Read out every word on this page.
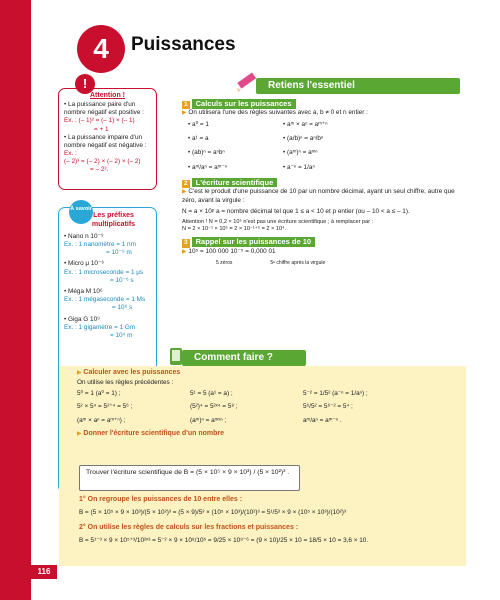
Nombres et calculs
116
4	Puissances
Attention !
• La puissance paire d'un nombre négatif est positive :
Ex. : (– 1)² = (– 1) × (– 1)
= + 1
• La puissance impaire d'un nombre négatif est négative :
Ex. :
(– 2)³ = (– 2) × (– 2) × (– 2)
= – 2³.
!
Les préfixes multiplicatifs
• Nano n 10⁻⁹
Ex. : 1 nanomètre = 1 nm
= 10⁻⁹ m
• Micro μ 10⁻⁶
Ex. : 1 microseconde = 1 μs
= 10⁻⁶ s
• Méga M 10⁶
Ex. : 1 mégaseconde = 1 Ms
= 10⁶ s
• Giga G 10⁹
Ex. : 1 gigamètre = 1 Gm
= 10⁹ m
À savoir
Retiens l'essentiel
1 Calculs sur les puissances
▶ On utilisera l'une des règles suivantes avec a, b ≠ 0 et n entier :
• a⁰ = 1	• aᵐ × aⁿ = aᵐ⁺ⁿ
• a¹ = a	• (a/b)ⁿ = aⁿ/bⁿ
• (ab)ⁿ = aⁿbⁿ	• (aᵐ)ⁿ = aᵐⁿ
• aᵐ/aⁿ = aᵐ⁻ⁿ	• a⁻ⁿ = 1/aⁿ
2 L'écriture scientifique
▶ C'est le produit d'une puissance de 10 par un nombre décimal, ayant un seul chiffre, autre que zéro, avant la virgule :
N = a × 10ᵖ a = nombre décimal tel que 1 ≤ a < 10 et p entier (ou – 10 < a ≤ – 1).
Attention ! N = 0,2 × 10⁵ n'est pas une écriture scientifique ; à remplacer par :
N = 2 × 10⁻¹ × 10⁵ = 2 × 10⁻¹⁺⁵ = 2 × 10⁴.
3 Rappel sur les puissances de 10
▶ 10⁵ = 100 000 10⁻⁵ = 0,000 01
5 zéros	5ᵉ chiffre après la virgule
Comment faire ?
▶ Calculer avec les puissances
On utilise les règles précédentes :
5⁰ = 1 (a⁰ = 1) ;	5¹ = 5 (a¹ = a) ;	5⁻² = 1/5² (a⁻ⁿ = 1/aⁿ) ;
5² × 5⁴ = 5²⁺⁴ = 5⁶ ;	(5²)⁴ = 5²ˣ⁴ = 5⁸ ;	5⁶/5² = 5⁶⁻² = 5⁴ ;
(aᵐ × aⁿ = aᵐ⁺ⁿ) ;	(aᵐ)ⁿ = aᵐˣⁿ ;	aᵐ/aⁿ = aᵐ⁻ⁿ .
▶ Donner l'écriture scientifique d'un nombre
Trouver l'écriture scientifique de B = (5 × 10⁵ × 9 × 10³) / (5 × 10²)³ .
1° On regroupe les puissances de 10 entre elles :
B = (5 × 10⁵ × 9 × 10³)/(5 × 10²)³ = (5 × 9)/5³ × (10⁵ × 10³)/(10²)³ = 5¹/5³ × 9 × (10⁵ × 10³)/(10²)³
2° On utilise les règles de calculs sur les fractions et puissances :
B = 5¹⁻³ × 9 × 10⁵⁺³/10²ˣ³ = 5⁻² × 9 × 10⁸/10⁶ = 9/25 × 10⁸⁻⁶ = (9 × 10)/25 × 10 = 18/5 × 10 = 3,6 × 10.
